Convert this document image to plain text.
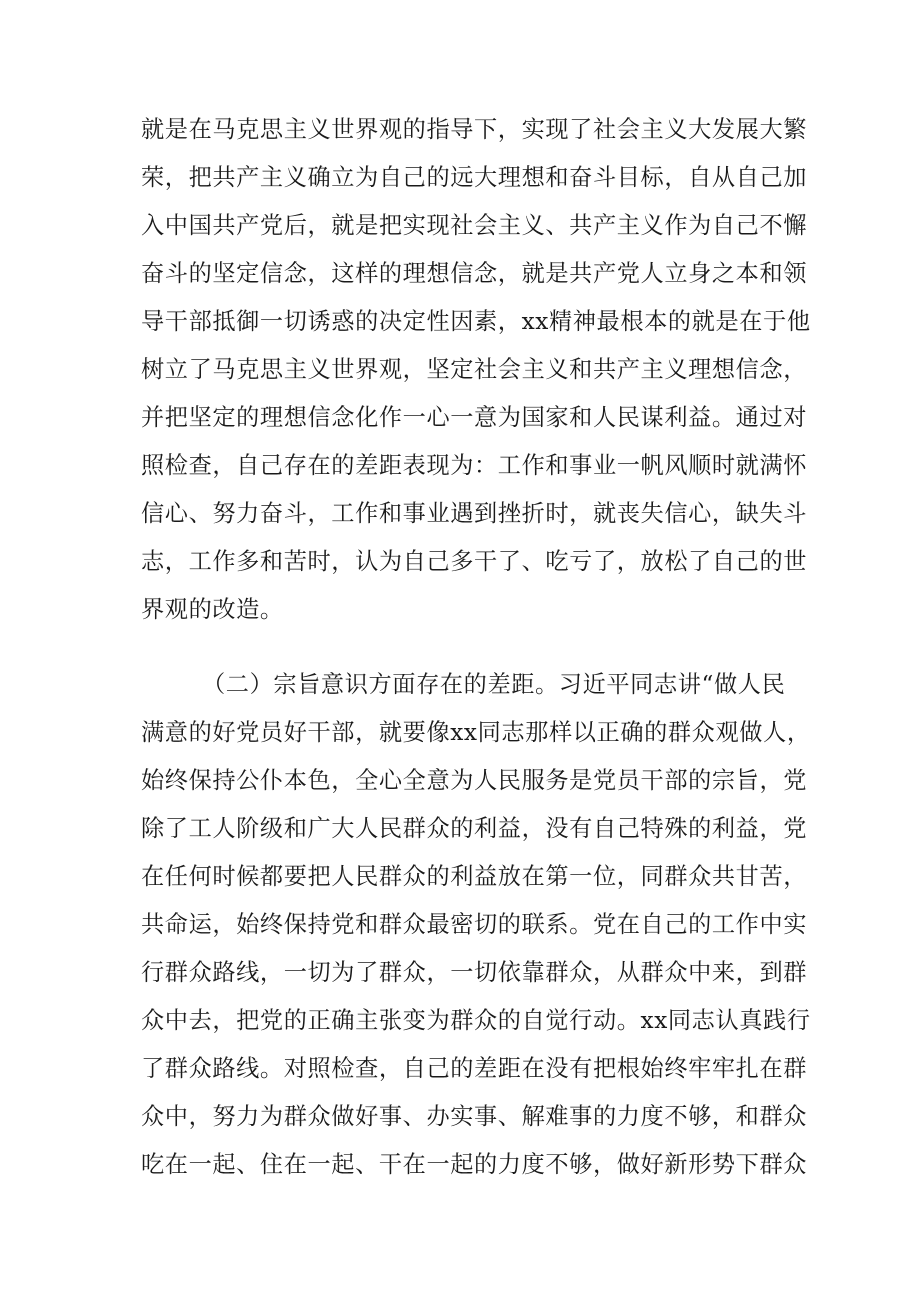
就是在马克思主义世界观的指导下，实现了社会主义大发展大繁
荣，把共产主义确立为自己的远大理想和奋斗目标，自从自己加
入中国共产党后，就是把实现社会主义、共产主义作为自己不懈
奋斗的坚定信念，这样的理想信念，就是共产党人立身之本和领
导干部抵御一切诱惑的决定性因素，xx精神最根本的就是在于他
树立了马克思主义世界观，坚定社会主义和共产主义理想信念，
并把坚定的理想信念化作一心一意为国家和人民谋利益。通过对
照检查，自己存在的差距表现为：工作和事业一帆风顺时就满怀
信心、努力奋斗，工作和事业遇到挫折时，就丧失信心，缺失斗
志，工作多和苦时，认为自己多干了、吃亏了，放松了自己的世
界观的改造。
（二）宗旨意识方面存在的差距。习近平同志讲“做人民
满意的好党员好干部，就要像xx同志那样以正确的群众观做人，
始终保持公仆本色，全心全意为人民服务是党员干部的宗旨，党
除了工人阶级和广大人民群众的利益，没有自己特殊的利益，党
在任何时候都要把人民群众的利益放在第一位，同群众共甘苦，
共命运，始终保持党和群众最密切的联系。党在自己的工作中实
行群众路线，一切为了群众，一切依靠群众，从群众中来，到群
众中去，把党的正确主张变为群众的自觉行动。xx同志认真践行
了群众路线。对照检查，自己的差距在没有把根始终牢牢扎在群
众中，努力为群众做好事、办实事、解难事的力度不够，和群众
吃在一起、住在一起、干在一起的力度不够，做好新形势下群众
